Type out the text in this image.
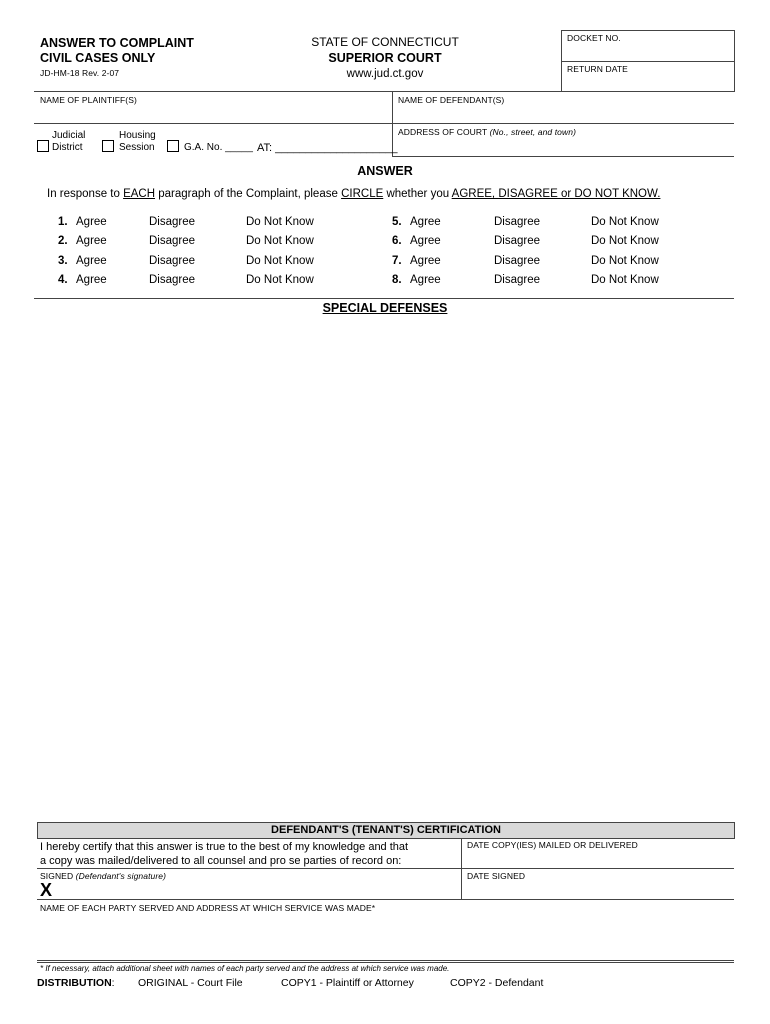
ANSWER TO COMPLAINT
CIVIL CASES ONLY
JD-HM-18 Rev. 2-07
STATE OF CONNECTICUT
SUPERIOR COURT
www.jud.ct.gov
DOCKET NO.
RETURN DATE
NAME OF PLAINTIFF(S)	NAME OF DEFENDANT(S)
Judicial
District
Housing
Session	G.A. No. _____ AT: ____________________
ADDRESS OF COURT (No., street, and town)
ANSWER
In response to EACH paragraph of the Complaint, please CIRCLE whether you AGREE, DISAGREE or DO NOT KNOW.
1. Agree	Disagree	Do Not Know
2. Agree	Disagree	Do Not Know
3. Agree	Disagree	Do Not Know
4. Agree	Disagree	Do Not Know
5. Agree	Disagree	Do Not Know
6. Agree	Disagree	Do Not Know
7. Agree	Disagree	Do Not Know
8. Agree	Disagree	Do Not Know
SPECIAL DEFENSES
DEFENDANT'S (TENANT'S) CERTIFICATION
I hereby certify that this answer is true to the best of my knowledge and that
a copy was mailed/delivered to all counsel and pro se parties of record on:
DATE COPY(IES) MAILED OR DELIVERED
SIGNED (Defendant's signature)
X
DATE SIGNED
NAME OF EACH PARTY SERVED AND ADDRESS AT WHICH SERVICE WAS MADE*
* If necessary, attach additional sheet with names of each party served and the address at which service was made.
DISTRIBUTION: ORIGINAL - Court File	COPY1 - Plaintiff or Attorney	COPY2 - Defendant
